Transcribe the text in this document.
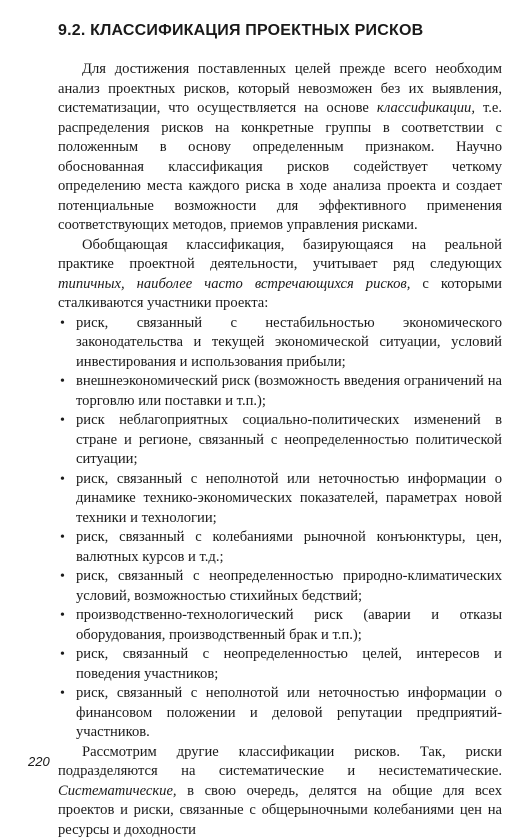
9.2. КЛАССИФИКАЦИЯ ПРОЕКТНЫХ РИСКОВ

Для достижения поставленных целей прежде всего необходим анализ проектных рисков, который невозможен без их выявления, систематизации, что осуществляется на основе классификации, т.е. распределения рисков на конкретные группы в соответствии с положенным в основу определенным признаком. Научно обоснованная классификация рисков содействует четкому определению места каждого риска в ходе анализа проекта и создает потенциальные возможности для эффективного применения соответствующих методов, приемов управления рисками.

Обобщающая классификация, базирующаяся на реальной практике проектной деятельности, учитывает ряд следующих типичных, наиболее часто встречающихся рисков, с которыми сталкиваются участники проекта:

• риск, связанный с нестабильностью экономического законодательства и текущей экономической ситуации, условий инвестирования и использования прибыли;
• внешнеэкономический риск (возможность введения ограничений на торговлю или поставки и т.п.);
• риск неблагоприятных социально-политических изменений в стране и регионе, связанный с неопределенностью политической ситуации;
• риск, связанный с неполнотой или неточностью информации о динамике технико-экономических показателей, параметрах новой техники и технологии;
• риск, связанный с колебаниями рыночной конъюнктуры, цен, валютных курсов и т.д.;
• риск, связанный с неопределенностью природно-климатических условий, возможностью стихийных бедствий;
• производственно-технологический риск (аварии и отказы оборудования, производственный брак и т.п.);
• риск, связанный с неопределенностью целей, интересов и поведения участников;
• риск, связанный с неполнотой или неточностью информации о финансовом положении и деловой репутации предприятий-участников.

Рассмотрим другие классификации рисков. Так, риски подразделяются на систематические и несистематические. Систематические, в свою очередь, делятся на общие для всех проектов и риски, связанные с общерыночными колебаниями цен на ресурсы и доходности

220
